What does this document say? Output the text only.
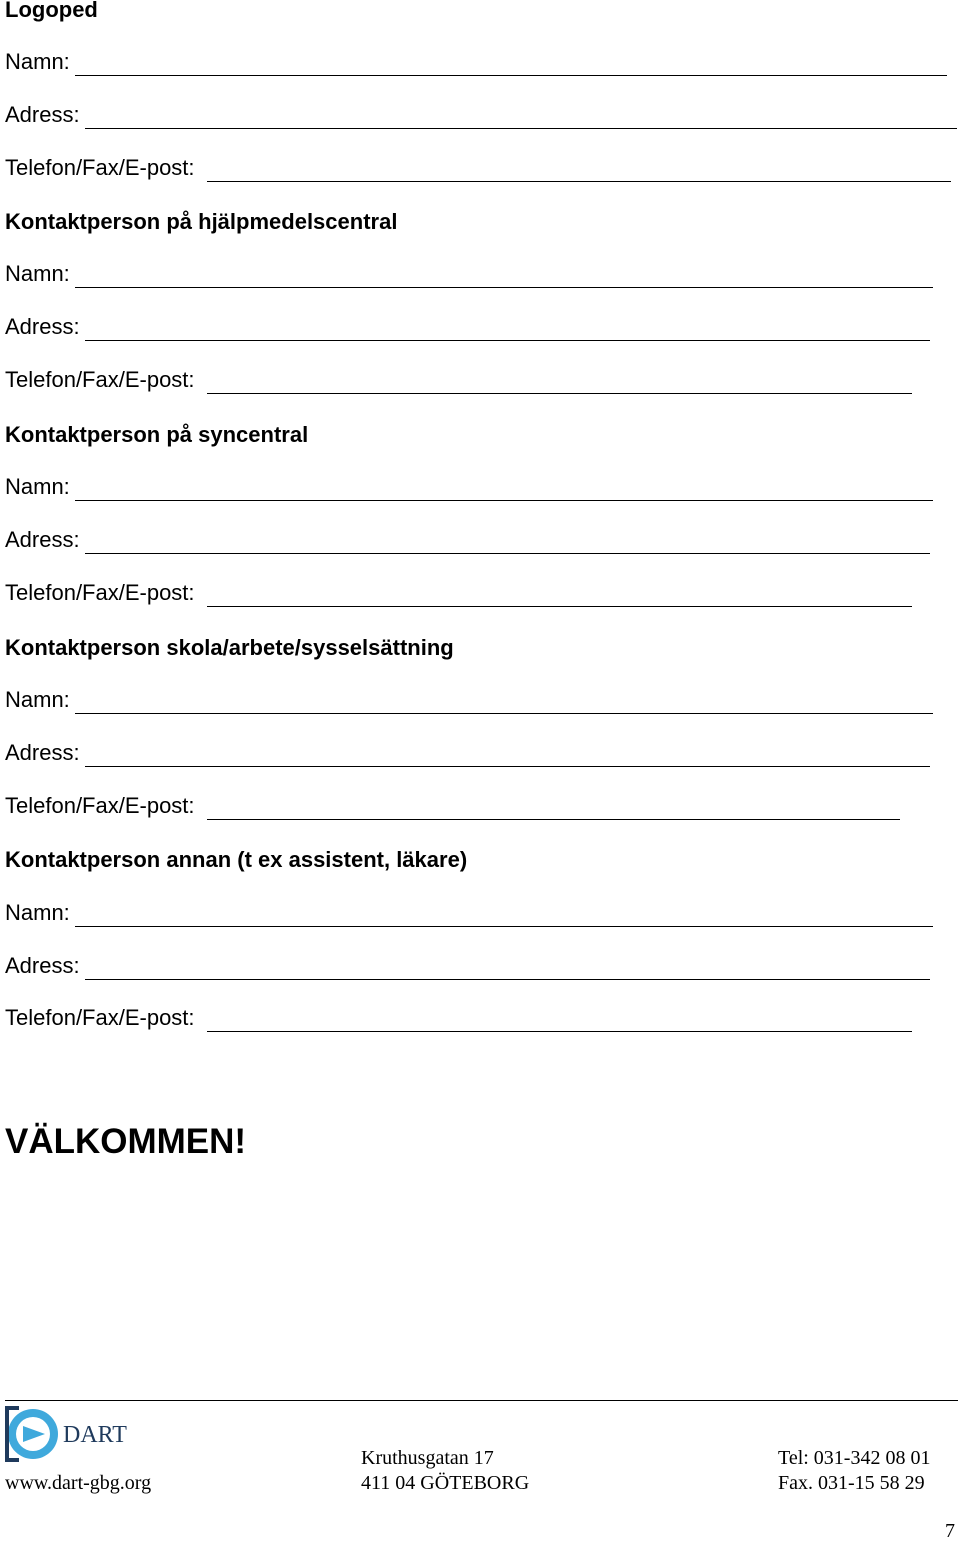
Logoped
Namn:
Adress:
Telefon/Fax/E-post:
Kontaktperson på hjälpmedelscentral
Namn:
Adress:
Telefon/Fax/E-post:
Kontaktperson på syncentral
Namn:
Adress:
Telefon/Fax/E-post:
Kontaktperson skola/arbete/sysselsättning
Namn:
Adress:
Telefon/Fax/E-post:
Kontaktperson annan (t ex assistent, läkare)
Namn:
Adress:
Telefon/Fax/E-post:
VÄLKOMMEN!
DART
www.dart-gbg.org
Kruthusgatan 17
411 04 GÖTEBORG
Tel: 031-342 08 01
Fax. 031-15 58 29
7
